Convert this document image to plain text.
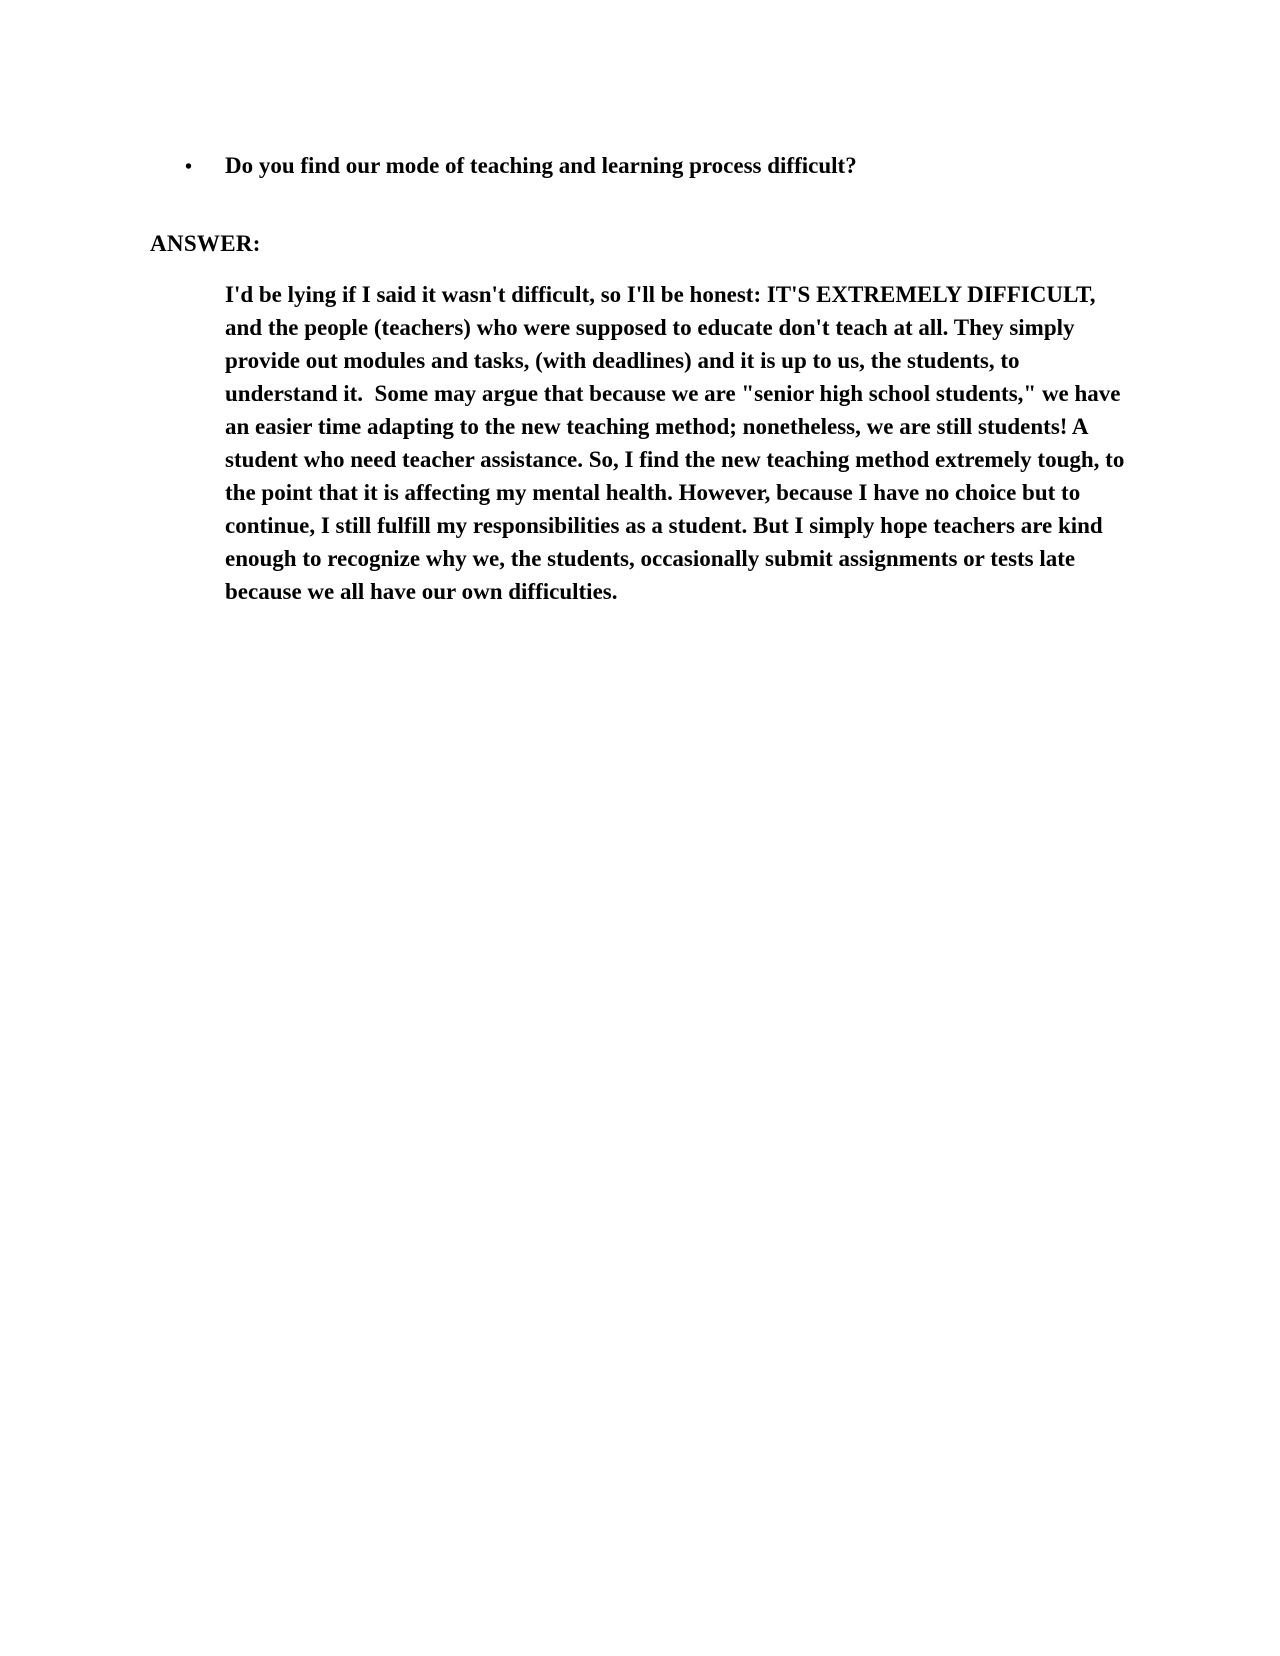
•	Do you find our mode of teaching and learning process difficult?
ANSWER:
I'd be lying if I said it wasn't difficult, so I'll be honest: IT'S EXTREMELY DIFFICULT, and the people (teachers) who were supposed to educate don't teach at all. They simply provide out modules and tasks, (with deadlines) and it is up to us, the students, to understand it.  Some may argue that because we are "senior high school students," we have an easier time adapting to the new teaching method; nonetheless, we are still students! A student who need teacher assistance. So, I find the new teaching method extremely tough, to the point that it is affecting my mental health. However, because I have no choice but to continue, I still fulfill my responsibilities as a student. But I simply hope teachers are kind enough to recognize why we, the students, occasionally submit assignments or tests late because we all have our own difficulties.
